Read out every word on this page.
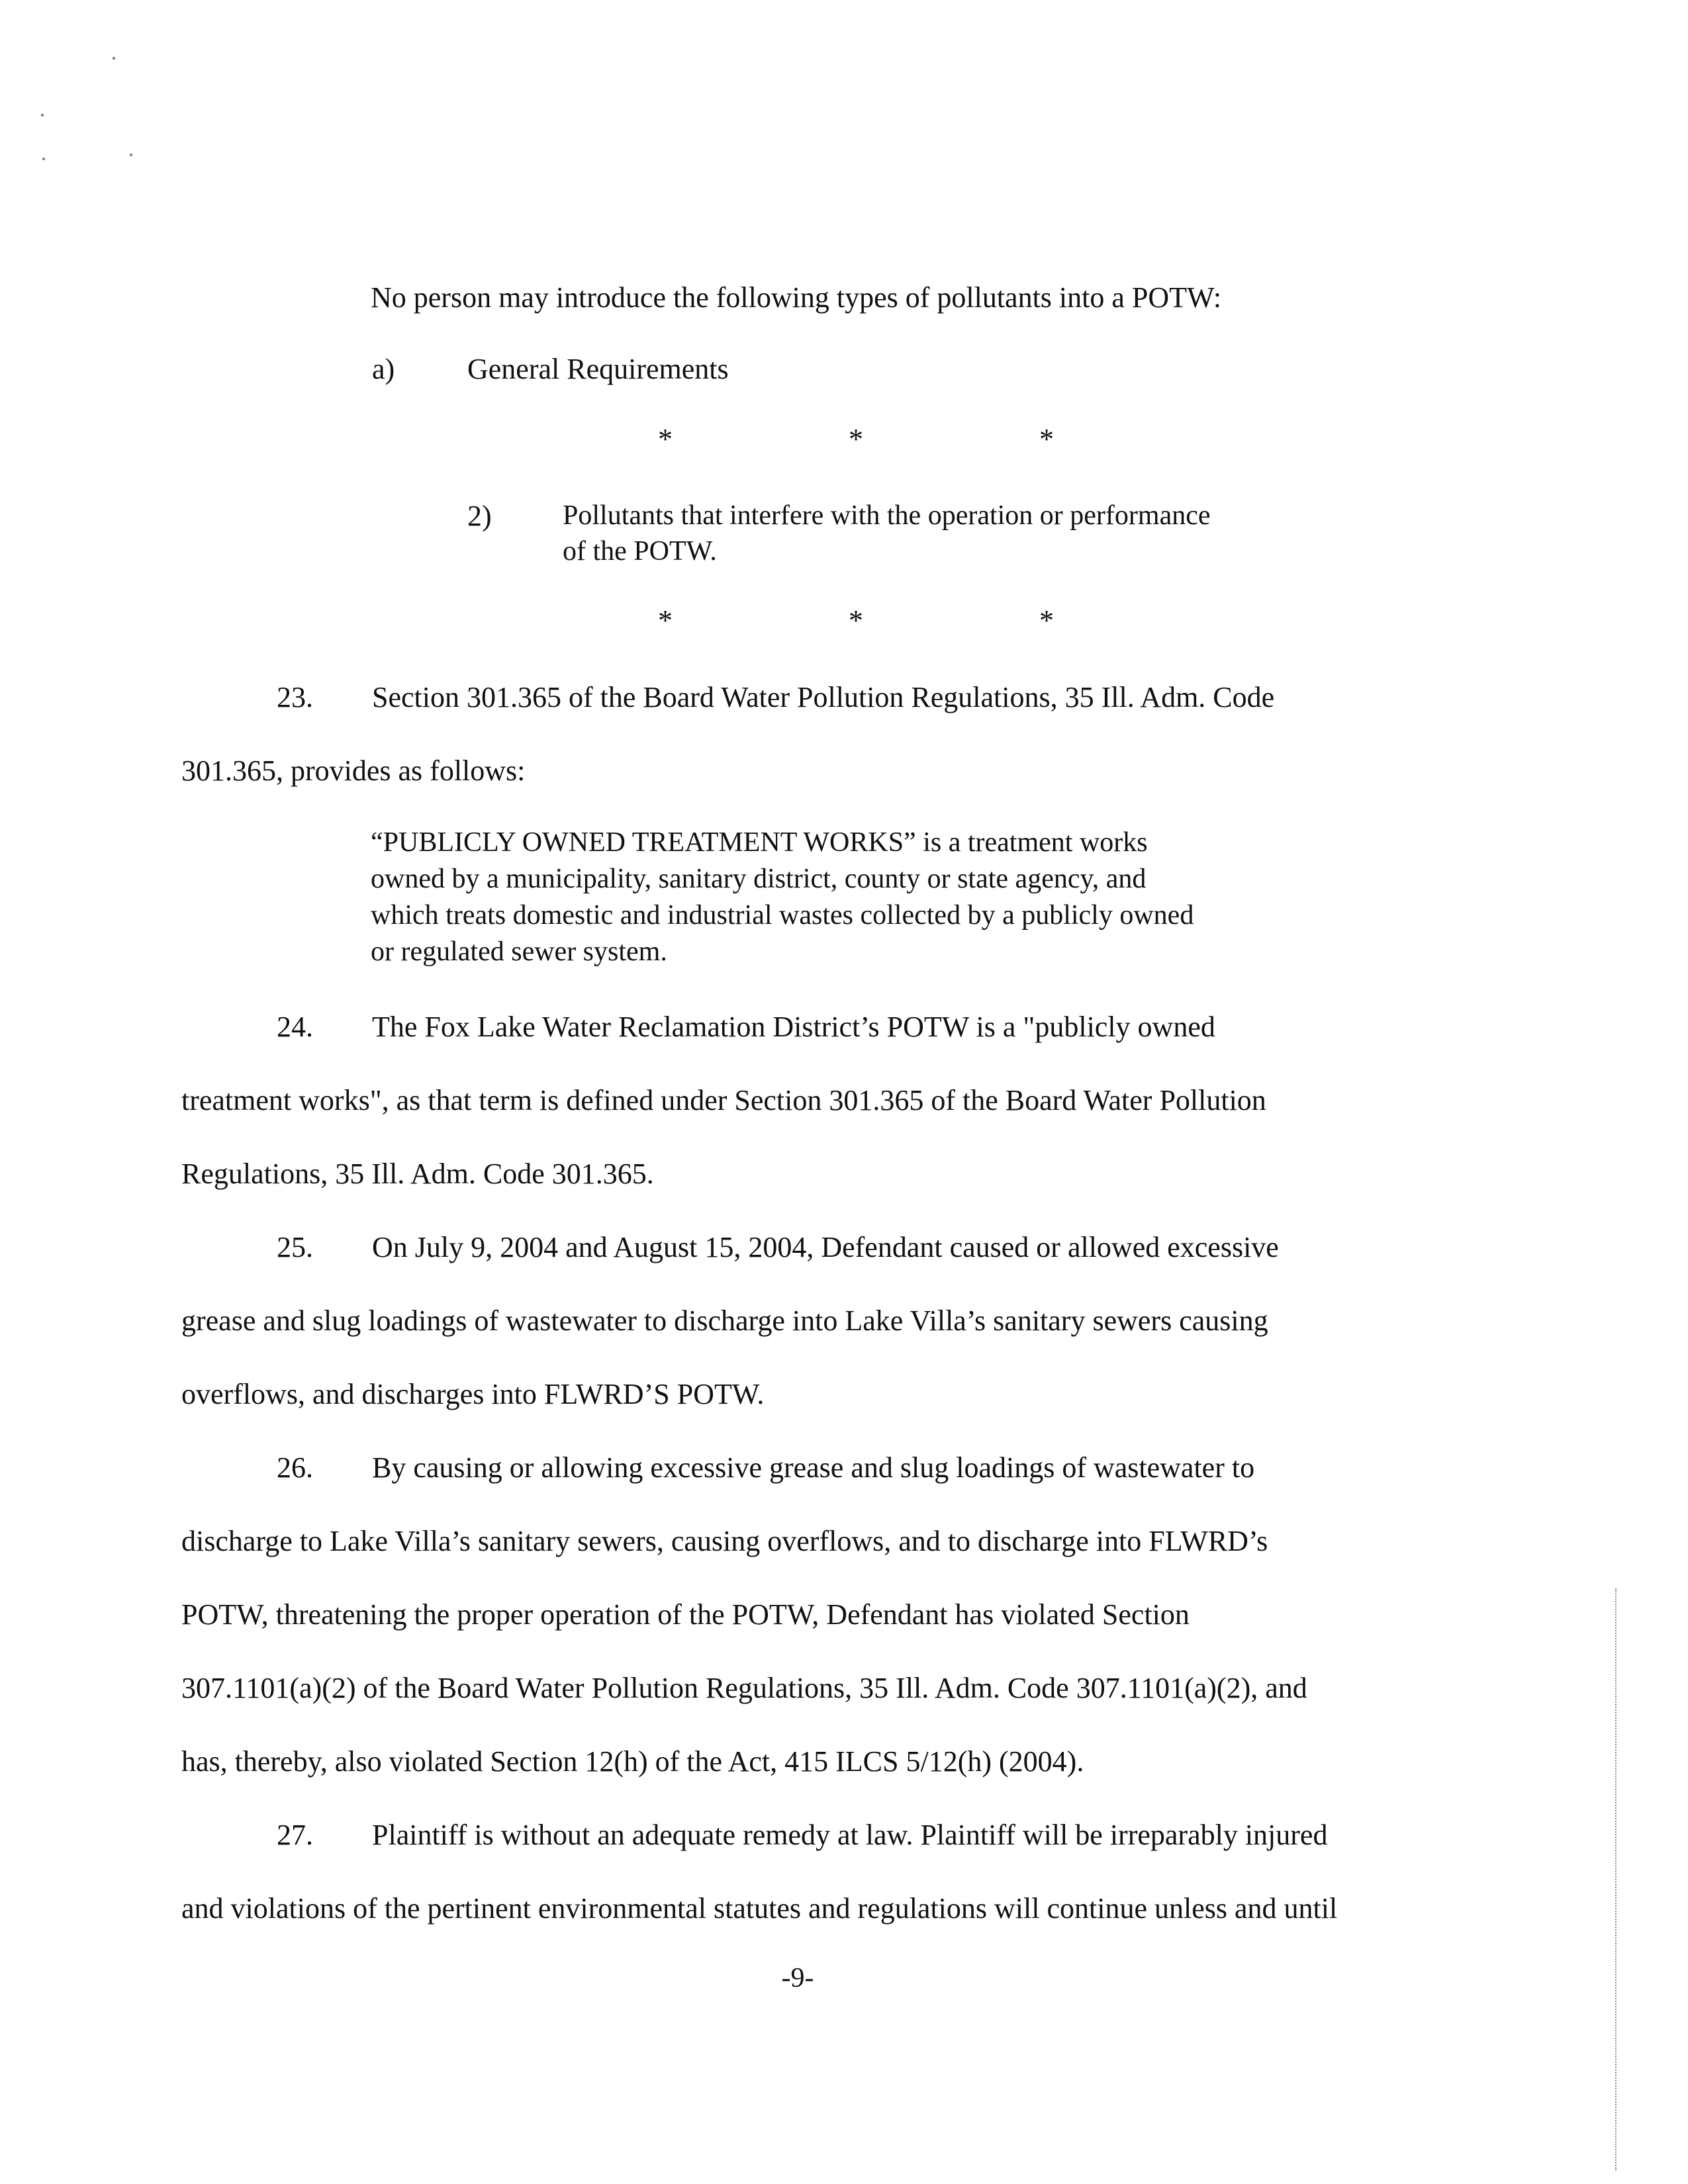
No person may introduce the following types of pollutants into a POTW:
a) General Requirements
*	*	*
2)	Pollutants that interfere with the operation or performance
of the POTW.
*	*	*
23. Section 301.365 of the Board Water Pollution Regulations, 35 Ill. Adm. Code
301.365, provides as follows:
“PUBLICLY OWNED TREATMENT WORKS” is a treatment works
owned by a municipality, sanitary district, county or state agency, and
which treats domestic and industrial wastes collected by a publicly owned
or regulated sewer system.
24. The Fox Lake Water Reclamation District’s POTW is a "publicly owned
treatment works", as that term is defined under Section 301.365 of the Board Water Pollution
Regulations, 35 Ill. Adm. Code 301.365.
25. On July 9, 2004 and August 15, 2004, Defendant caused or allowed excessive
grease and slug loadings of wastewater to discharge into Lake Villa’s sanitary sewers causing
overflows, and discharges into FLWRD’S POTW.
26. By causing or allowing excessive grease and slug loadings of wastewater to
discharge to Lake Villa’s sanitary sewers, causing overflows, and to discharge into FLWRD’s
POTW, threatening the proper operation of the POTW, Defendant has violated Section
307.1101(a)(2) of the Board Water Pollution Regulations, 35 Ill. Adm. Code 307.1101(a)(2), and
has, thereby, also violated Section 12(h) of the Act, 415 ILCS 5/12(h) (2004).
27. Plaintiff is without an adequate remedy at law. Plaintiff will be irreparably injured
and violations of the pertinent environmental statutes and regulations will continue unless and until
-9-
